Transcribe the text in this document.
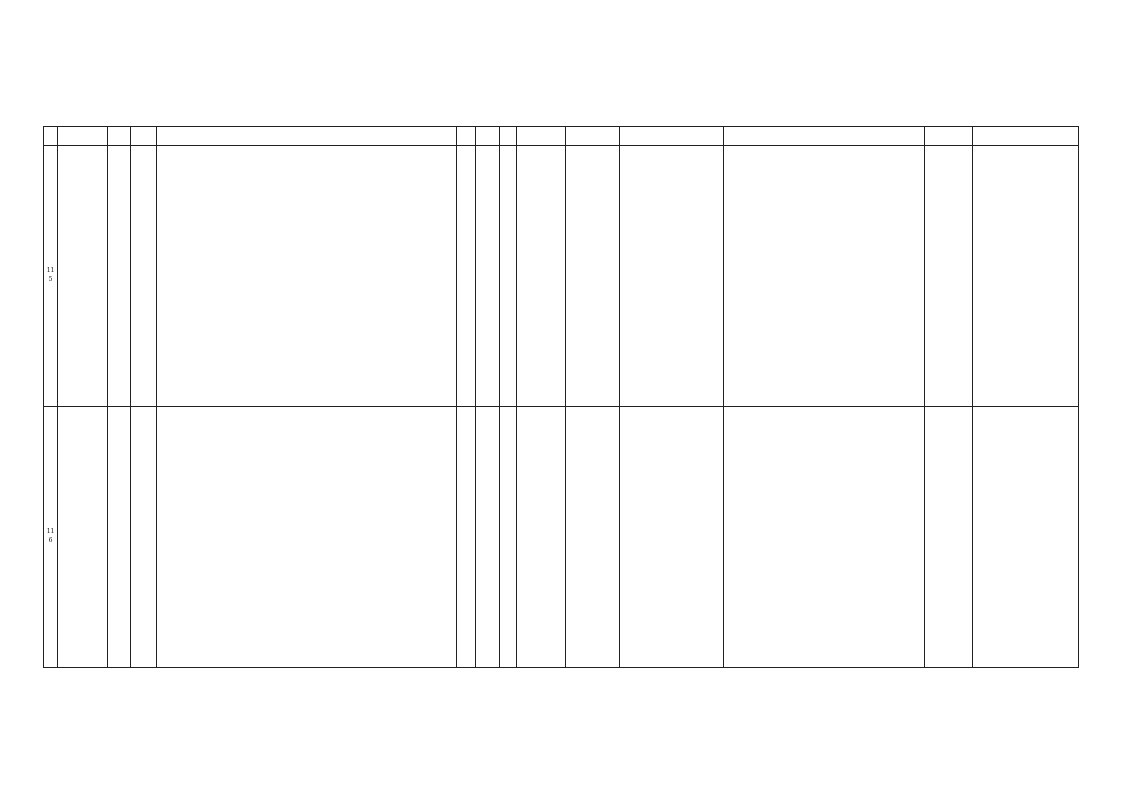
115													
116													
